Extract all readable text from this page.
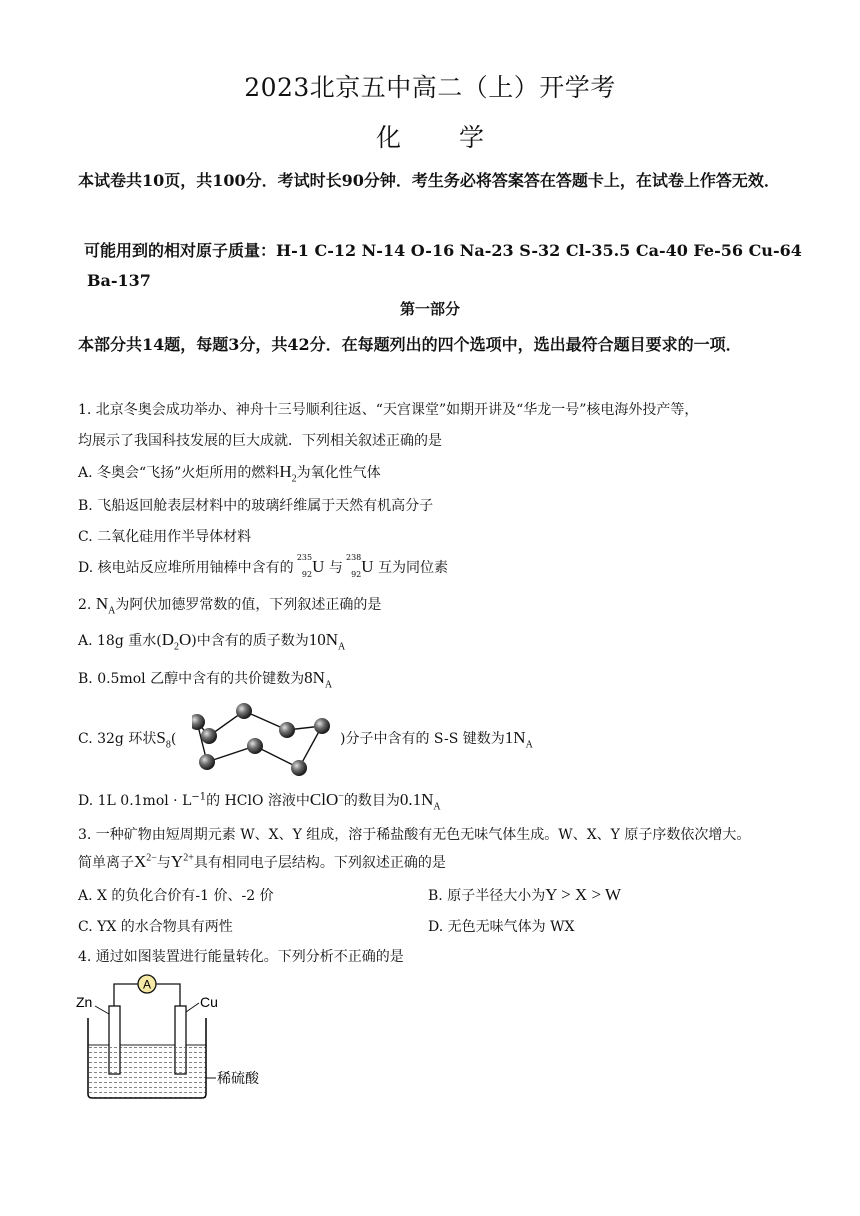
2023北京五中高二（上）开学考
化 学
本试卷共10页，共100分．考试时长90分钟．考生务必将答案答在答题卡上，在试卷上作答无效．
可能用到的相对原子质量：H-1 C-12 N-14 O-16 Na-23 S-32 Cl-35.5 Ca-40 Fe-56 Cu-64
Ba-137
第一部分
本部分共14题，每题3分，共42分．在每题列出的四个选项中，选出最符合题目要求的一项．
1. 北京冬奥会成功举办、神舟十三号顺利往返、“天宫课堂”如期开讲及“华龙一号”核电海外投产等，
均展示了我国科技发展的巨大成就．下列相关叙述正确的是
A. 冬奥会“飞扬”火炬所用的燃料$H_2$为氧化性气体
B. 飞船返回舱表层材料中的玻璃纤维属于天然有机高分子
C. 二氧化硅用作半导体材料
D. 核电站反应堆所用铀棒中含有的
235
92 U 与
238
92 U 互为同位素
2. $N_A$为阿伏加德罗常数的值，下列叙述正确的是
A. 18g 重水$(D_2O)$中含有的质子数为$10N_A$
B. 0.5mol 乙醇中含有的共价键数为$8N_A$
C. 32g 环状$S_8$(	)分子中含有的 S-S 键数为$1N_A$
D. 1L $0.1mol \cdot L^{-1}$的 HClO 溶液中ClO−的数目为$0.1N_A$
3. 一种矿物由短周期元素 W、X、Y 组成，溶于稀盐酸有无色无味气体生成。W、X、Y 原子序数依次增大。
简单离子$X^{2-}$与$Y^{2+}$具有相同电子层结构。下列叙述正确的是
A. X 的负化合价有-1 价、-2 价	B. 原子半径大小为Y > X > W
C. YX 的水合物具有两性	D. 无色无味气体为 WX
4. 通过如图装置进行能量转化。下列分析不正确的是
A
Zn	Cu
稀硫酸
